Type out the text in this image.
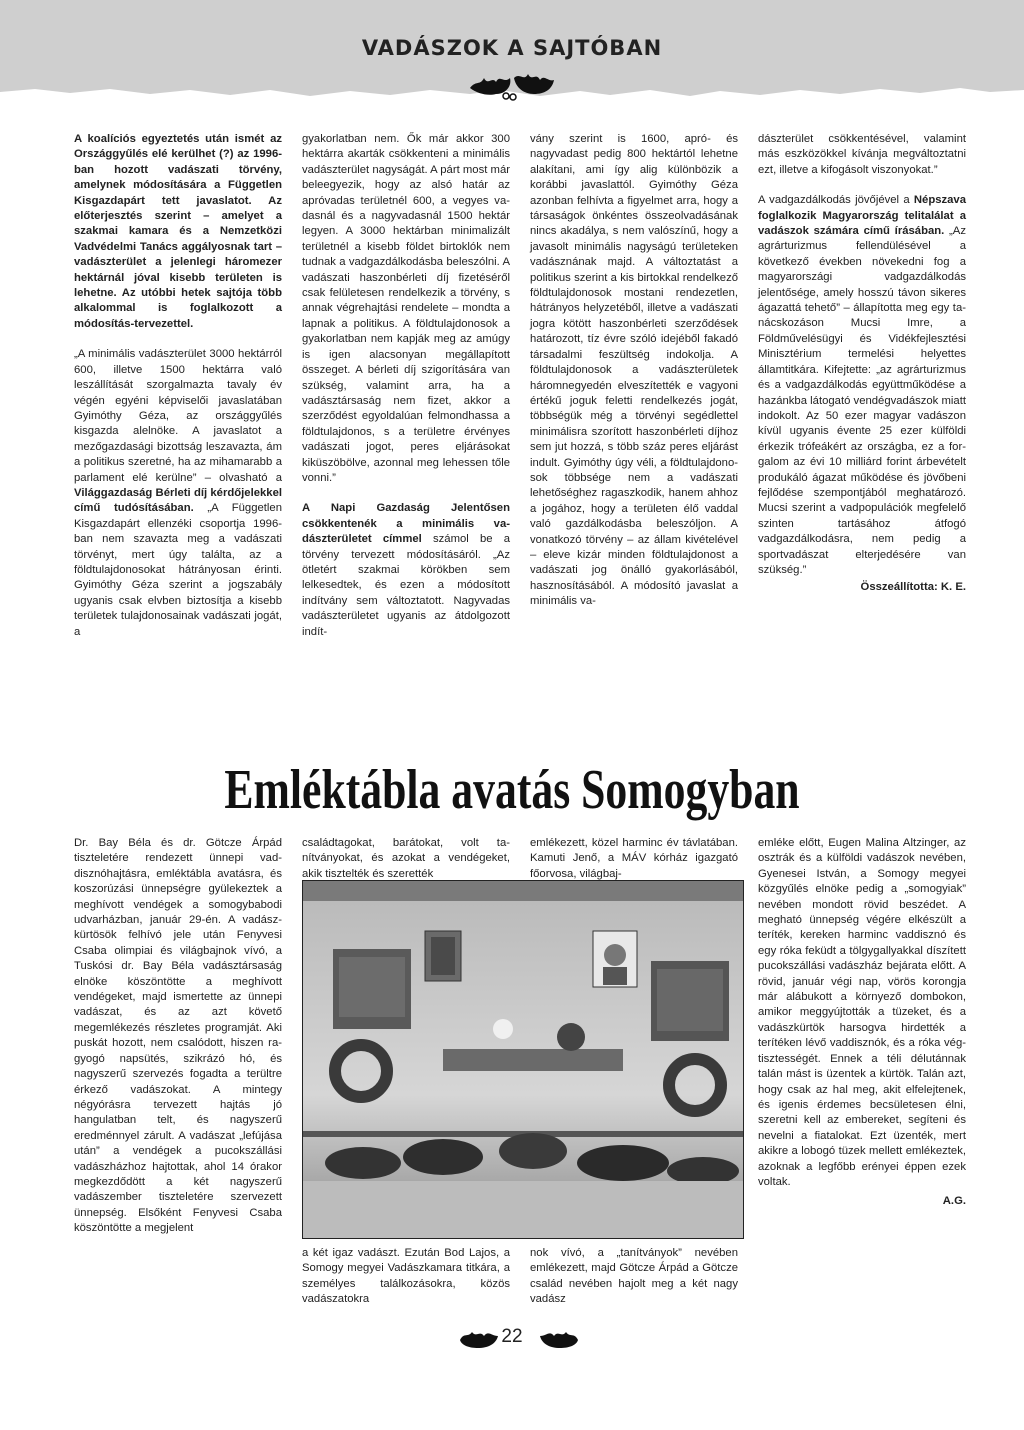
VADÁSZOK A SAJTÓBAN

A koalíciós egyeztetés után ismét az Országgyűlés elé kerülhet (?) az 1996-ban hozott vadászati törvény, amelynek módosítására a Független Kisgazdapárt tett javaslatot. Az előterjesztés szerint – amelyet a szakmai kamara és a Nemzetközi Vadvédelmi Tanács aggályosnak tart – vadászterület a jelenlegi háromezer hektárnál jóval kisebb területen is lehetne. Az utóbbi hetek sajtója több alkalommal is foglalkozott a módosítás-tervezettel.

„A minimális vadászterület 3000 hektárról 600, illetve 1500 hektárra való leszállítását szorgalmazta tavaly év végén egyéni képviselői javaslatában Gyimóthy Géza, az országgyűlés kisgazda alelnöke. A javaslatot a mezőgazdasági bizottság leszavazta, ám a politikus szeretné, ha az mihamarabb a parlament elé kerülne” – olvasható a Világgazdaság Bérleti díj kérdőjelekkel című tudósításában. „A Független Kisgazdapárt ellenzéki csoportja 1996-ban nem szavazta meg a vadászati törvényt, mert úgy találta, az a földtulajdonosokat hátrányosan érinti. Gyimóthy Géza szerint a jogszabály ugyanis csak elvben biztosítja a kisebb területek tulajdonosainak vadászati jogát, a

gyakorlatban nem. Ők már akkor 300 hektárra akarták csökkenteni a minimális vadászterület nagyságát. A párt most már beleegyezik, hogy az alsó határ az apróvadas területnél 600, a vegyes vadasnál és a nagyvadasnál 1500 hektár legyen. A 3000 hektárban minimalizált területnél a kisebb földet birtoklók nem tudnak a vadgazdálkodásba beleszólni. A vadászati haszonbérleti díj fizetéséről csak felületesen rendelkezik a törvény, s annak végrehajtási rendelete – mondta a lapnak a politikus. A földtulajdonosok a gyakorlatban nem kapják meg az amúgy is igen alacsonyan megállapított összeget. A bérleti díj szigorítására van szükség, valamint arra, ha a vadásztársaság nem fizet, akkor a szerződést egyoldalúan felmondhassa a földtulajdonos, s a területre érvényes vadászati jogot, peres eljárásokat kiküszöbölve, azonnal meg lehessen tőle vonni.”

A Napi Gazdaság Jelentősen csökkentenék a minimális vadászterületet címmel számol be a törvény tervezett módosításáról. „Az ötletért szakmai körökben sem lelkesedtek, és ezen a módosított indítvány sem változtatott. Nagyvadas vadászterületet ugyanis az átdolgozott indít-

vány szerint is 1600, apró- és nagyvadast pedig 800 hektártól lehetne alakítani, ami így alig különbözik a korábbi javaslattól. Gyimóthy Géza azonban felhívta a figyelmet arra, hogy a társaságok önkéntes összeolvadásának nincs akadálya, s nem valószínű, hogy a javasolt minimális nagyságú területeken vadásznának majd. A változtatást a politikus szerint a kis birtokkal rendelkező földtulajdonosok mostani rendezetlen, hátrányos helyzetéből, illetve a vadászati jogra kötött haszonbérleti szerződések határozott, tíz évre szóló idejéből fakadó társadalmi feszültség indokolja. A földtulajdonosok a vadászterületek háromnegyedén elveszítették e vagyoni értékű joguk feletti rendelkezés jogát, többségük még a törvényi segédlettel minimálisra szorított haszonbérleti díjhoz sem jut hozzá, s több száz peres eljárást indult. Gyimóthy úgy véli, a földtulajdonosok többsége nem a vadászati lehetőséghez ragaszkodik, hanem ahhoz a jogához, hogy a területen élő vaddal való gazdálkodásba beleszóljon. A vonatkozó törvény – az állam kivételével – eleve kizár minden földtulajdonost a vadászati jog önálló gyakorlásából, hasznosításából. A módosító javaslat a minimális va-

dászterület csökkentésével, valamint más eszközökkel kívánja megváltoztatni ezt, illetve a kifogásolt viszonyokat.”

A vadgazdálkodás jövőjével a Népszava foglalkozik Magyarország telitalálat a vadászok számára című írásában. „Az agrárturizmus fellendülésével a következő években növekedni fog a magyarországi vadgazdálkodás jelentősége, amely hosszú távon sikeres ágazattá tehető” – állapította meg egy tanácskozáson Mucsi Imre, a Földművelésügyi és Vidékfejlesztési Minisztérium termelési helyettes államtitkára. Kifejtette: „az agrárturizmus és a vadgazdálkodás együttműködése a hazánkba látogató vendégvadászok miatt indokolt. Az 50 ezer magyar vadászon kívül ugyanis évente 25 ezer külföldi érkezik trófeákért az országba, ez a forgalom az évi 10 milliárd forint árbevételt produkáló ágazat működése és jövőbeni fejlődése szempontjából meghatározó. Mucsi szerint a vadpopulációk megfelelő szinten tartásához átfogó vadgazdálkodásra, nem pedig a sportvadászat elterjedésére van szükség.”

Összeállította: K. E.

Emléktábla avatás Somogyban

Dr. Bay Béla és dr. Götcze Árpád tiszteletére rendezett ünnepi vaddisznóhajtásra, emléktábla avatásra, és koszorúzási ünnepségre gyülekeztek a meghívott vendégek a somogybabodi udvarházban, január 29-én. A vadászkürtösök felhívó jele után Fenyvesi Csaba olimpiai és világbajnok vívó, a Tuskósi dr. Bay Béla vadásztársaság elnöke köszöntötte a meghívott vendégeket, majd ismertette az ünnepi vadászat, és az azt követő megemlékezés részletes programját. Aki puskát hozott, nem csalódott, hiszen ragyogó napsütés, szikrázó hó, és nagyszerű szervezés fogadta a terültre érkező vadászokat. A mintegy négyórásra tervezett hajtás jó hangulatban telt, és nagyszerű eredménnyel zárult. A vadászat „lefújása után” a vendégek a pucokszállási vadászházhoz hajtottak, ahol 14 órakor megkezdődött a két nagyszerű vadászember tiszteletére szervezett ünnepség. Elsőként Fenyvesi Csaba köszöntötte a megjelent

családtagokat, barátokat, volt tanítványokat, és azokat a vendégeket, akik tisztelték és szerették

emlékezett, közel harminc év távlatában. Kamuti Jenő, a MÁV kórház igazgató főorvosa, világbaj-

emléke előtt, Eugen Malina Altzinger, az osztrák és a külföldi vadászok nevében, Gyenesei István, a Somogy megyei közgyűlés elnöke pedig a „somogyiak” nevében mondott rövid beszédet. A megható ünnepség végére elkészült a teríték, kereken harminc vaddisznó és egy róka feküdt a tölgygallyakkal díszített pucokszállási vadászház bejárata előtt. A rövid, január végi nap, vörös korongja már alábukott a környező dombokon, amikor meggyújtották a tüzeket, és a vadászkürtök harsogva hirdették a terítéken lévő vaddisznók, és a róka végtisztességét. Ennek a téli délutánnak talán mást is üzentek a kürtök. Talán azt, hogy csak az hal meg, akit elfelejtenek, és igenis érdemes becsületesen élni, szeretni kell az embereket, segíteni és nevelni a fiatalokat. Ezt üzenték, mert akikre a lobogó tüzek mellett emlékeztek, azoknak a legfőbb erényei éppen ezek voltak.

A.G.

a két igaz vadászt. Ezután Bod Lajos, a Somogy megyei Vadászkamara titkára, a személyes találkozásokra, közös vadászatokra

nok vívó, a „tanítványok” nevében emlékezett, majd Götcze Árpád a Götcze család nevében hajolt meg a két nagy vadász

22
